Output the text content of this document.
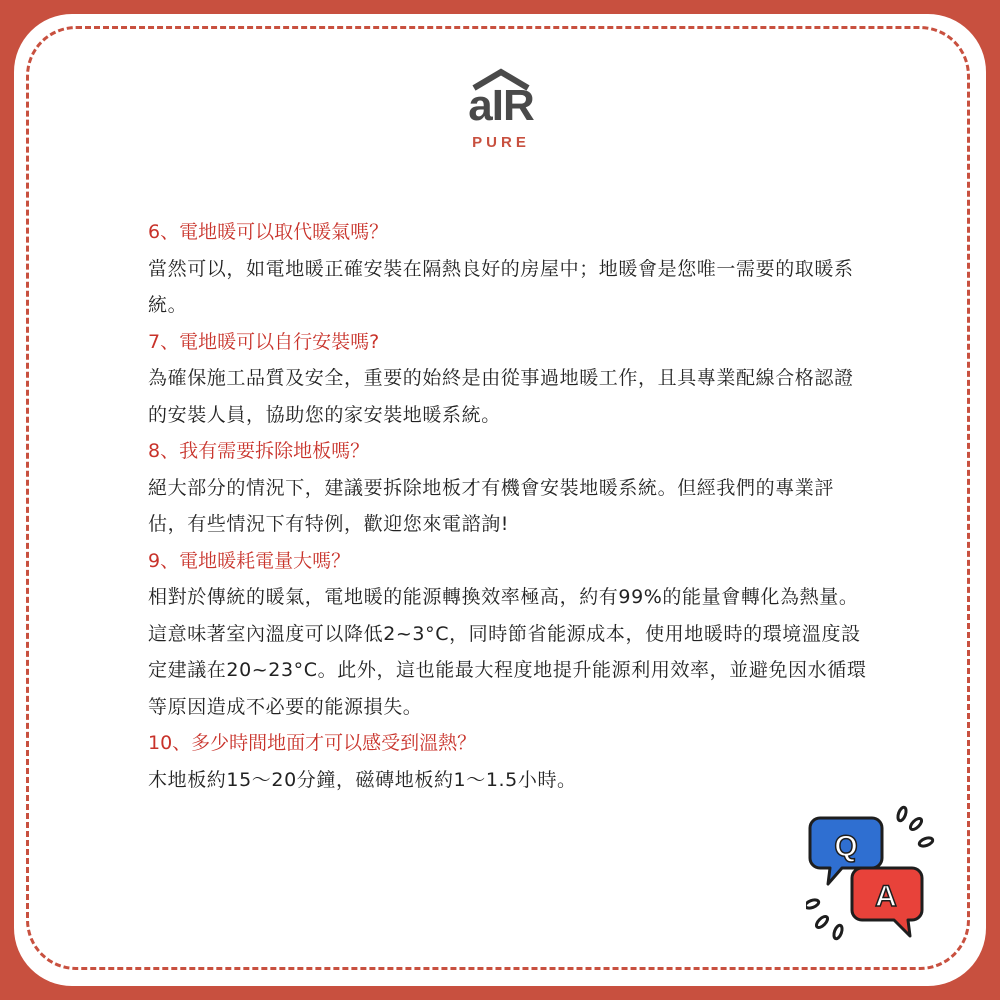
aIR
PURE

6、電地暖可以取代暖氣嗎？

當然可以，如電地暖正確安裝在隔熱良好的房屋中；地暖會是您唯一需要的取暖系統。

7、電地暖可以自行安裝嗎?

為確保施工品質及安全，重要的始終是由從事過地暖工作，且具專業配線合格認證的安裝人員，協助您的家安裝地暖系統。

8、我有需要拆除地板嗎？

絕大部分的情況下，建議要拆除地板才有機會安裝地暖系統。但經我們的專業評估，有些情況下有特例，歡迎您來電諮詢!

9、電地暖耗電量大嗎？

相對於傳統的暖氣，電地暖的能源轉換效率極高，約有99%的能量會轉化為熱量。這意味著室內溫度可以降低2~3°C，同時節省能源成本，使用地暖時的環境溫度設定建議在20~23°C。此外，這也能最大程度地提升能源利用效率，並避免因水循環等原因造成不必要的能源損失。

10、多少時間地面才可以感受到溫熱？

木地板約15～20分鐘，磁磚地板約1～1.5小時。

Q
A
